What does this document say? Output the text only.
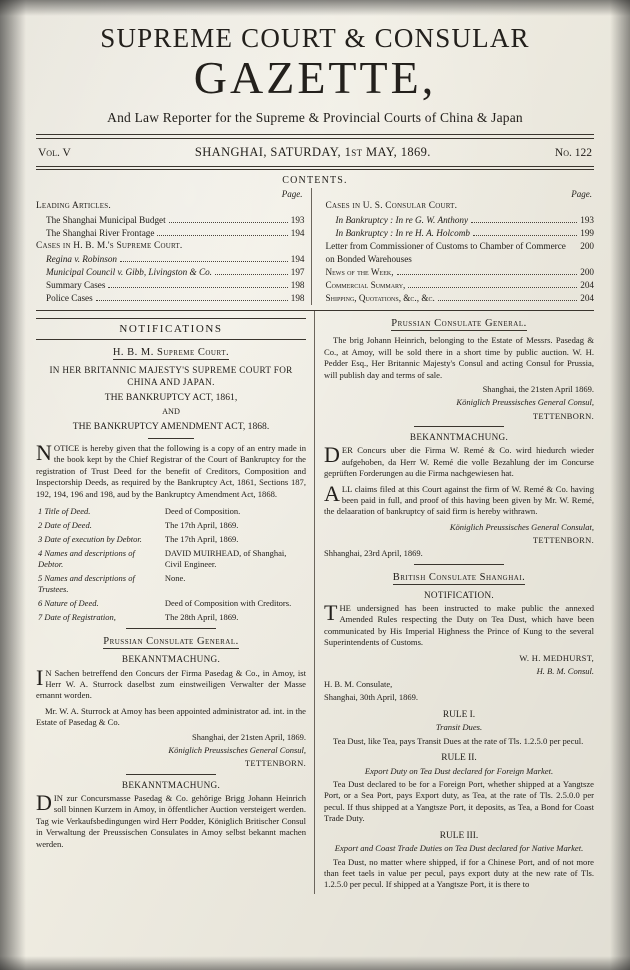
SUPREME COURT & CONSULAR
GAZETTE,
And Law Reporter for the Supreme & Provincial Courts of China & Japan
Vol. V	SHANGHAI, SATURDAY, 1st MAY, 1869.	No. 122
CONTENTS.
Page.
Leading Articles.
The Shanghai Municipal Budget	193
The Shanghai River Frontage	194
Cases in H. B. M.'s Supreme Court.
Regina v. Robinson	194
Municipal Council v. Gibb, Livingston & Co.	197
Summary Cases	198
Police Cases	198
Page.
Cases in U. S. Consular Court.
In Bankruptcy : In re G. W. Anthony	193
In Bankruptcy : In re H. A. Holcomb	199
Letter from Commissioner of Customs to Chamber of Commerce on Bonded Warehouses
200
News of the Week,	200
Commercial Summary,	204
Shipping, Quotations, &c., &c.	204
NOTIFICATIONS
H. B. M. Supreme Court.
IN HER BRITANNIC MAJESTY'S SUPREME COURT FOR CHINA AND JAPAN.
THE BANKRUPTCY ACT, 1861,
AND
THE BANKRUPTCY AMENDMENT ACT, 1868.

NOTICE is hereby given that the following is a copy of an entry made in the book kept by the Chief Registrar of the Court of Bankruptcy for the registration of Trust Deed for the benefit of Creditors, Composition and Inspectorship Deeds, as required by the Bankruptcy Act, 1861, Sections 187, 192, 194, 196 and 198, aud by the Bankruptcy Amendment Act, 1868.

1 Title of Deed.	Deed of Composition.
2 Date of Deed.	The 17th April, 1869.
3 Date of execution by Debtor.	The 17th April, 1869.
4 Names and descriptions of Debtor.	DAVID MUIRHEAD, of Shanghai, Civil Engineer.
5 Names and descriptions of Trustees.	None.
6 Nature of Deed.	Deed of Composition with Creditors.
7 Date of Registration,	The 28th April, 1869.
Prussian Consulate General.
BEKANNTMACHUNG.

I N Sachen betreffend den Concurs der Firma Pasedag & Co., in Amoy, ist Herr W. A. Sturrock daselbst zum einstweiligen Verwalter der Masse ernannt worden.

Mr. W. A. Sturrock at Amoy has been appointed administrator ad. int. in the Estate of Pasedag & Co.

Shanghai, der 21sten April, 1869.
Königlich Preussisches General Consul,
TETTENBORN.
BEKANNTMACHUNG.

DIN zur Concursmasse Pasedag & Co. gehörige Brigg Johann Heinrich soll binnen Kurzem in Amoy, in öffentlicher Auction versteigert werden. Tag wie Verkaufsbedingungen wird Herr Podder, Königlich Britischer Consul in Verwaltung der Preussischen Consulates in Amoy selbst bekannt machen werden.

Prussian Consulate General.

The brig Johann Heinrich, belonging to the Estate of Messrs. Pasedag & Co., at Amoy, will be sold there in a short time by public auction. W. H. Pedder Esq., Her Britannic Majesty's Consul and acting Consul for Prussia, will publish day and terms of sale.

Shanghai, the 21sten April 1869.
Königlich Preussisches General Consul,
TETTENBORN.
BEKANNTMACHUNG.

DER Concurs uber die Firma W. Remé & Co. wird hiedurch wieder aufgehoben, da Herr W. Remé die volle Bezahlung der im Concurse geprüften Forderungen au die Firma nachgewiesen hat.

ALL claims filed at this Court against the firm of W. Remé & Co. having been paid in full, and proof of this having been given by Mr. W. Remé, the delaaration of bankruptcy of said firm is hereby withrawn.

Königlich Preussisches General Consulat,
TETTENBORN.
Shhanghai, 23rd April, 1869.
British Consulate Shanghai.
NOTIFICATION.

THE undersigned has been instructed to make public the annexed Amended Rules respecting the Duty on Tea Dust, which have been communicated by His Imperial Highness the Prince of Kung to the several Superintendents of Customs.

W. H. MEDHURST,
H. B. M. Consul.
H. B. M. Consulate,
Shanghai, 30th April, 1869.
RULE I.
Transit Dues.

Tea Dust, like Tea, pays Transit Dues at the rate of Tls. 1.2.5.0 per pecul.

RULE II.
Export Duty on Tea Dust declared for Foreign Market.

Tea Dust declared to be for a Foreign Port, whether shipped at a Yangtsze Port, or a Sea Port, pays Export duty, as Tea, at the rate of Tls. 2.5.0.0 per pecul. If thus shipped at a Yangtsze Port, it deposits, as Tea, a Bond for Coast Trade Duty.

RULE III.
Export and Coast Trade Duties on Tea Dust declared for Native Market.

Tea Dust, no matter where shipped, if for a Chinese Port, and of not more than feet taels in value per pecul, pays export duty at the new rate of Tls. 1.2.5.0 per pecul. If shipped at a Yangtsze Port, it is there to
